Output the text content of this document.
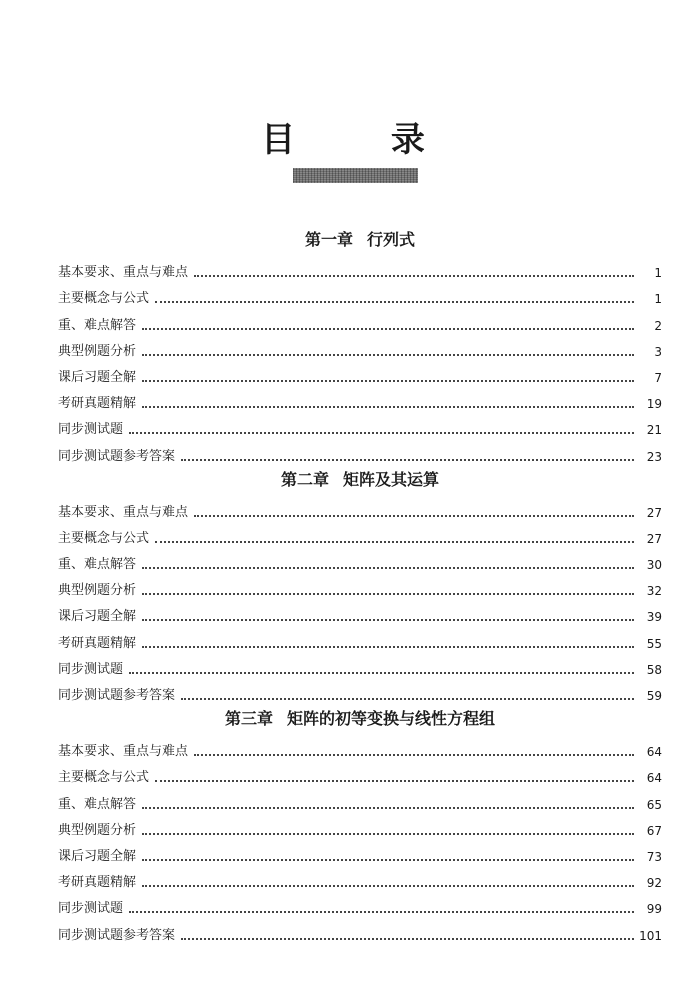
目 录
第一章 行列式
基本要求、重点与难点	1
主要概念与公式	1
重、难点解答	2
典型例题分析	3
课后习题全解	7
考研真题精解	19
同步测试题	21
同步测试题参考答案	23
第二章 矩阵及其运算
基本要求、重点与难点	27
主要概念与公式	27
重、难点解答	30
典型例题分析	32
课后习题全解	39
考研真题精解	55
同步测试题	58
同步测试题参考答案	59
第三章 矩阵的初等变换与线性方程组
基本要求、重点与难点	64
主要概念与公式	64
重、难点解答	65
典型例题分析	67
课后习题全解	73
考研真题精解	92
同步测试题	99
同步测试题参考答案	101
